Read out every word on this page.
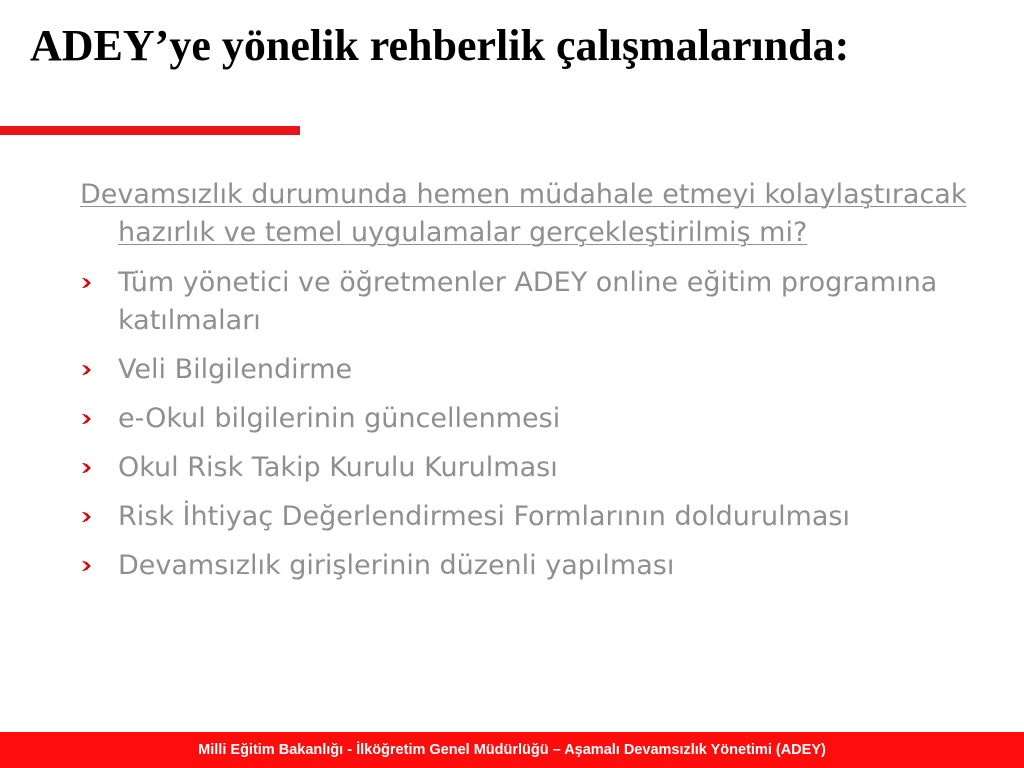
ADEY’ye yönelik rehberlik çalışmalarında:

Devamsızlık durumunda hemen müdahale etmeyi kolaylaştıracak hazırlık ve temel uygulamalar gerçekleştirilmiş mi?

Tüm yönetici ve öğretmenler ADEY online eğitim programına katılmaları
Veli Bilgilendirme
e-Okul bilgilerinin güncellenmesi
Okul Risk Takip Kurulu Kurulması
Risk İhtiyaç Değerlendirmesi Formlarının doldurulması
Devamsızlık girişlerinin düzenli yapılması
Milli Eğitim Bakanlığı - İlköğretim Genel Müdürlüğü – Aşamalı Devamsızlık Yönetimi (ADEY)
